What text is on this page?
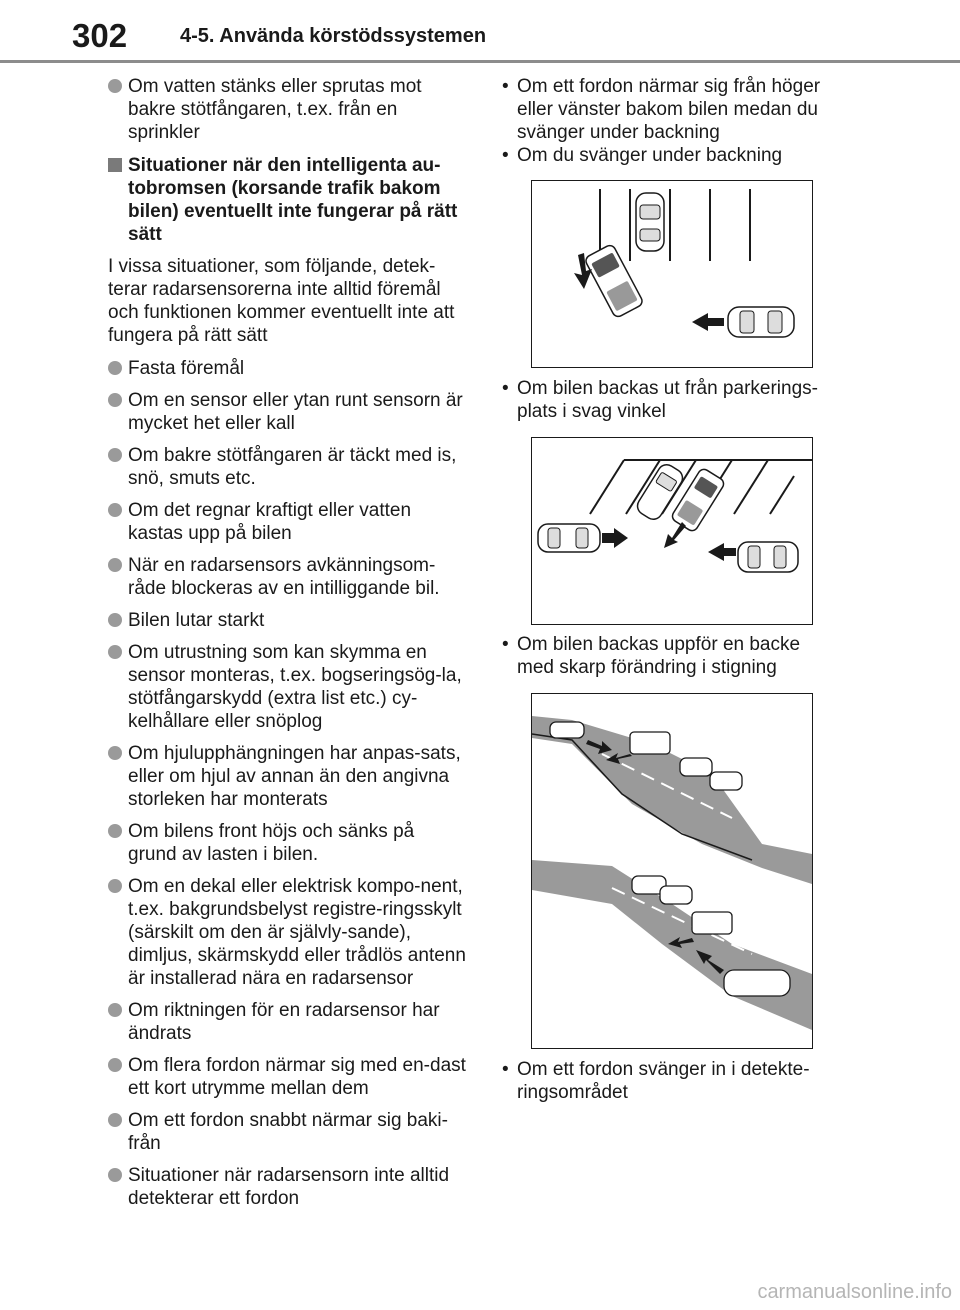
302	4-5. Använda körstödssystemen
Om vatten stänks eller sprutas mot bakre stötfångaren, t.ex. från en sprinkler
Situationer när den intelligenta au-tobromsen (korsande trafik bakom bilen) eventuellt inte fungerar på rätt sätt
I vissa situationer, som följande, detek-terar radarsensorerna inte alltid föremål och funktionen kommer eventuellt inte att fungera på rätt sätt
Fasta föremål
Om en sensor eller ytan runt sensorn är mycket het eller kall
Om bakre stötfångaren är täckt med is, snö, smuts etc.
Om det regnar kraftigt eller vatten kastas upp på bilen
När en radarsensors avkänningsom-råde blockeras av en intilliggande bil.
Bilen lutar starkt
Om utrustning som kan skymma en sensor monteras, t.ex. bogseringsög-la, stötfångarskydd (extra list etc.) cy-kelhållare eller snöplog
Om hjulupphängningen har anpas-sats, eller om hjul av annan än den angivna storleken har monterats
Om bilens front höjs och sänks på grund av lasten i bilen.
Om en dekal eller elektrisk kompo-nent, t.ex. bakgrundsbelyst registre-ringsskylt (särskilt om den är självly-sande), dimljus, skärmskydd eller trådlös antenn är installerad nära en radarsensor
Om riktningen för en radarsensor har ändrats
Om flera fordon närmar sig med en-dast ett kort utrymme mellan dem
Om ett fordon snabbt närmar sig baki-från
Situationer när radarsensorn inte alltid detekterar ett fordon
• Om ett fordon närmar sig från höger eller vänster bakom bilen medan du svänger under backning
• Om du svänger under backning
• Om bilen backas ut från parkerings-plats i svag vinkel
• Om bilen backas uppför en backe med skarp förändring i stigning
• Om ett fordon svänger in i detekte-ringsområdet
carmanualsonline.info
